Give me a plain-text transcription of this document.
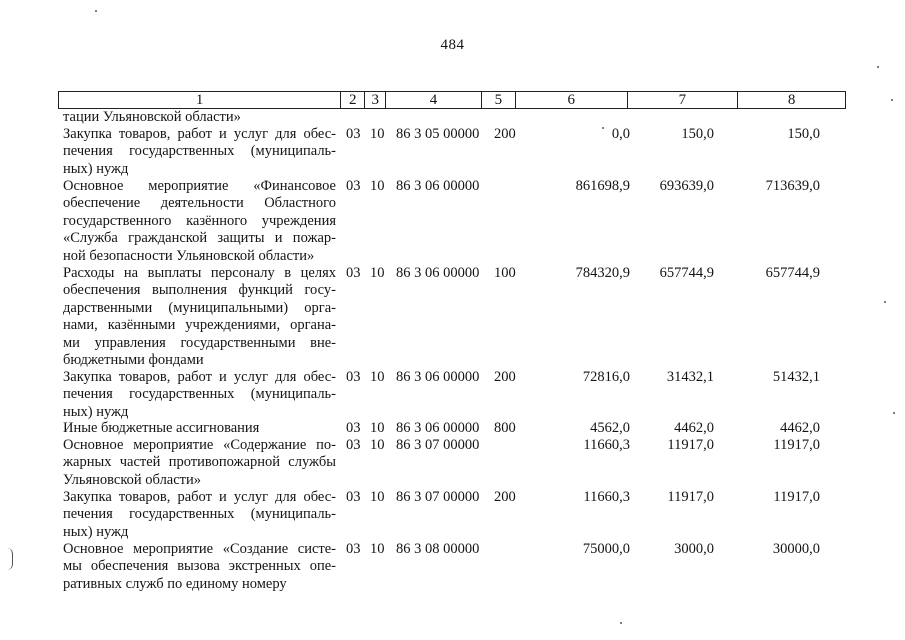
484
1	2 3	4	5	6	7	8
тации Ульяновской области»
Закупка товаров, работ и услуг для обес-
печения государственных (муниципаль-
ных) нужд
03 10 86 3 05 00000 200	0,0	150,0	150,0
Основное мероприятие «Финансовое
обеспечение деятельности Областного
государственного казённого учреждения
«Служба гражданской защиты и пожар-
ной безопасности Ульяновской области»
03 10 86 3 06 00000	861698,9	693639,0	713639,0
Расходы на выплаты персоналу в целях
обеспечения выполнения функций госу-
дарственными (муниципальными) орга-
нами, казёнными учреждениями, органа-
ми управления государственными вне-
бюджетными фондами
03 10 86 3 06 00000 100	784320,9	657744,9	657744,9
Закупка товаров, работ и услуг для обес-
печения государственных (муниципаль-
ных) нужд
03 10 86 3 06 00000 200	72816,0	31432,1	51432,1
Иные бюджетные ассигнования	03 10 86 3 06 00000 800	4562,0	4462,0	4462,0
Основное мероприятие «Содержание по-
жарных частей противопожарной службы
Ульяновской области»
03 10 86 3 07 00000	11660,3	11917,0	11917,0
Закупка товаров, работ и услуг для обес-
печения государственных (муниципаль-
ных) нужд
03 10 86 3 07 00000 200	11660,3	11917,0	11917,0
Основное мероприятие «Создание систе-
мы обеспечения вызова экстренных опе-
ративных служб по единому номеру
03 10 86 3 08 00000	75000,0	3000,0	30000,0
